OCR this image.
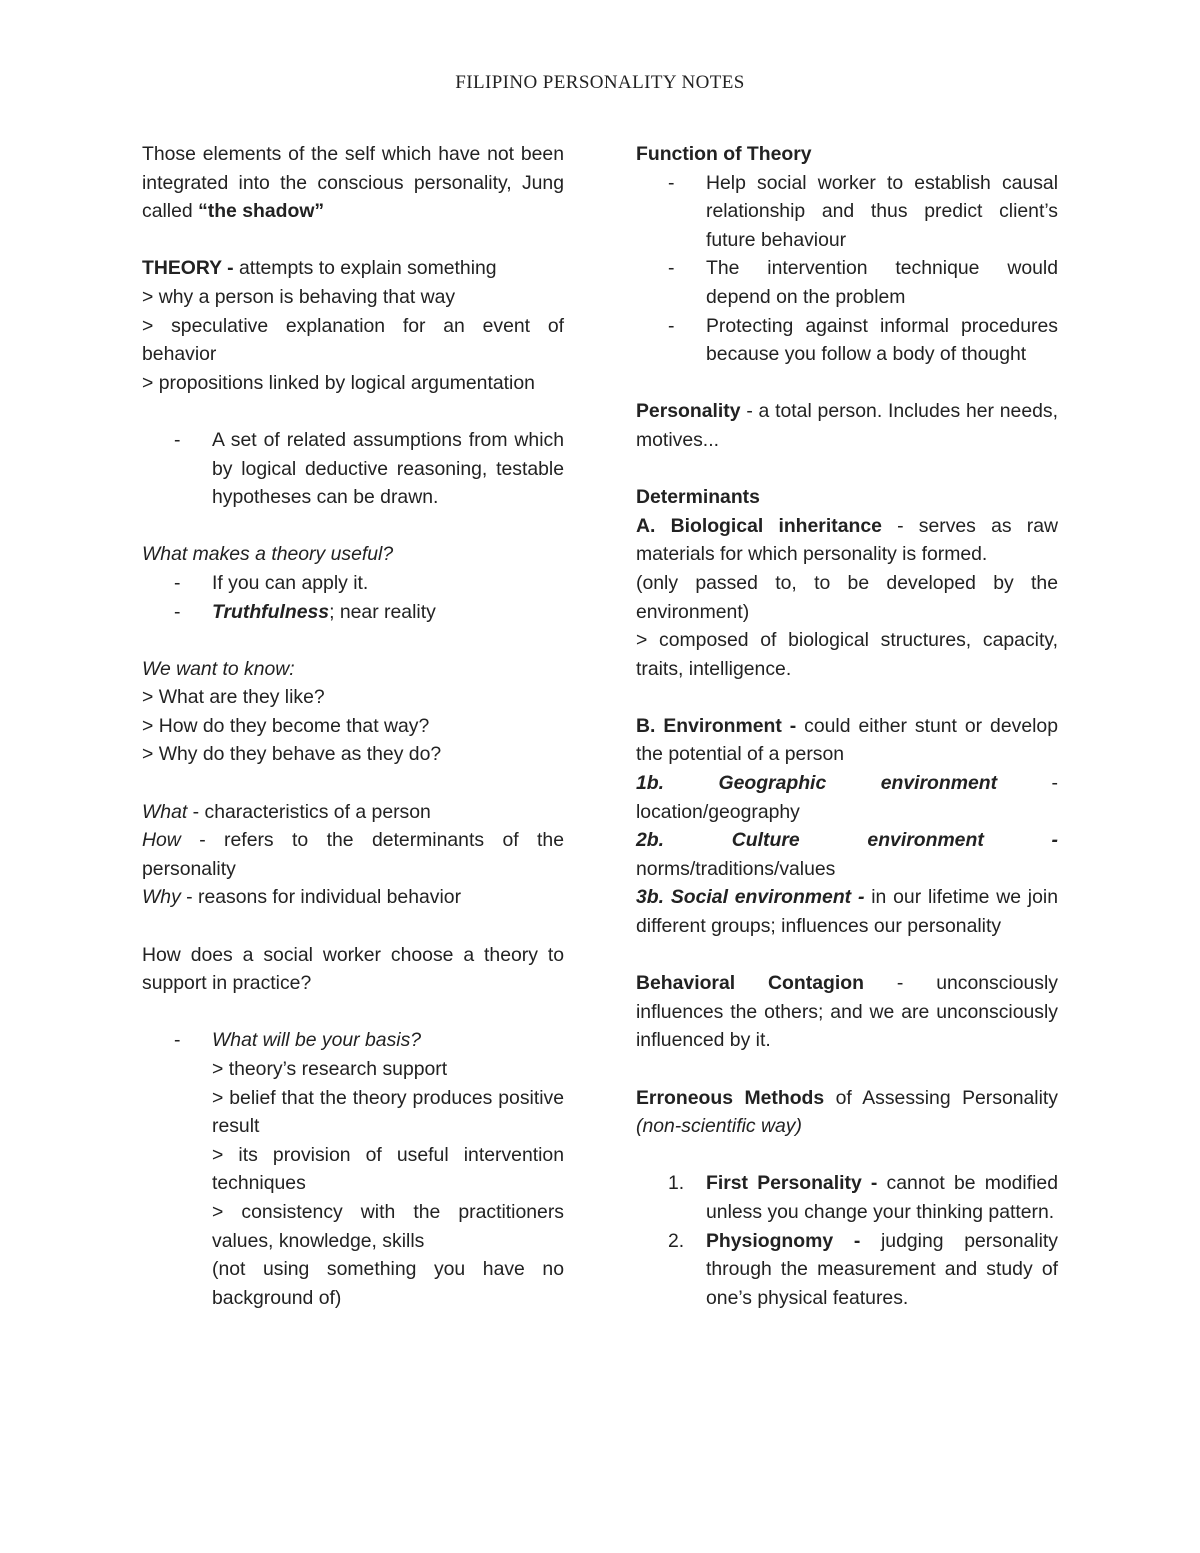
FILIPINO PERSONALITY NOTES

Those elements of the self which have not been integrated into the conscious personality, Jung called “the shadow”

THEORY - attempts to explain something

> why a person is behaving that way

> speculative explanation for an event of behavior

> propositions linked by logical argumentation

-	A set of related assumptions from which by logical deductive reasoning, testable hypotheses can be drawn.

What makes a theory useful?

-	If you can apply it.
-	Truthfulness; near reality

We want to know:

> What are they like?

> How do they become that way?

> Why do they behave as they do?

What - characteristics of a person

How - refers to the determinants of the personality

Why - reasons for individual behavior

How does a social worker choose a theory to support in practice?

-	What will be your basis?

> theory’s research support

> belief that the theory produces positive result

> its provision of useful intervention techniques

> consistency with the practitioners values, knowledge, skills

(not using something you have no background of)

Function of Theory

-	Help social worker to establish causal relationship and thus predict client’s future behaviour
-	The intervention technique would depend on the problem
-	Protecting against informal procedures because you follow a body of thought

Personality - a total person. Includes her needs, motives...

Determinants

A. Biological inheritance - serves as raw materials for which personality is formed.

(only passed to, to be developed by the environment)

> composed of biological structures, capacity, traits, intelligence.

B. Environment - could either stunt or develop the potential of a person

1b. Geographic environment	-

location/geography

2b. Culture environment -

norms/traditions/values

3b. Social environment - in our lifetime we join different groups; influences our personality

Behavioral Contagion - unconsciously influences the others; and we are unconsciously influenced by it.

Erroneous Methods of Assessing Personality (non-scientific way)

1.	First Personality - cannot be modified unless you change your thinking pattern.
2.	Physiognomy - judging personality through the measurement and study of one’s physical features.
